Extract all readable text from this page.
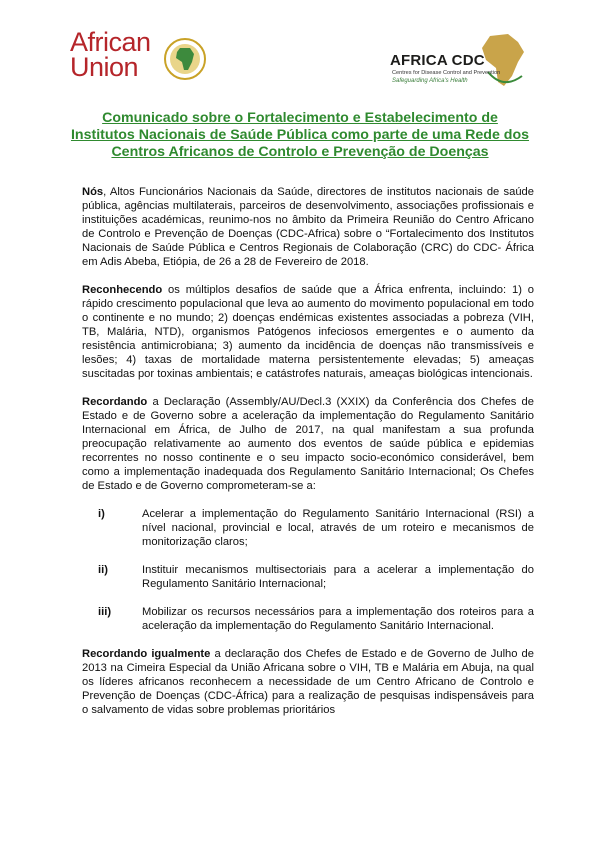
African
Union	AFRICA CDC
Centres for Disease Control and Prevention
Safeguarding Africa's Health
Comunicado sobre o Fortalecimento e Estabelecimento de Institutos Nacionais de Saúde Pública como parte de uma Rede dos Centros Africanos de Controlo e Prevenção de Doenças

Nós, Altos Funcionários Nacionais da Saúde, directores de institutos nacionais de saúde pública, agências multilaterais, parceiros de desenvolvimento, associações profissionais e instituições académicas, reunimo-nos no âmbito da Primeira Reunião do Centro Africano de Controlo e Prevenção de Doenças (CDC-Africa) sobre o “Fortalecimento dos Institutos Nacionais de Saúde Pública e Centros Regionais de Colaboração (CRC) do CDC- África em Adis Abeba, Etiópia, de 26 a 28 de Fevereiro de 2018.

Reconhecendo os múltiplos desafios de saúde que a África enfrenta, incluindo: 1) o rápido crescimento populacional que leva ao aumento do movimento populacional em todo o continente e no mundo; 2) doenças endémicas existentes associadas a pobreza (VIH, TB, Malária, NTD), organismos Patógenos infeciosos emergentes e o aumento da resistência antimicrobiana; 3) aumento da incidência de doenças não transmissíveis e lesões; 4) taxas de mortalidade materna persistentemente elevadas; 5) ameaças suscitadas por toxinas ambientais; e catástrofes naturais, ameaças biológicas intencionais.

Recordando a Declaração (Assembly/AU/Decl.3 (XXIX) da Conferência dos Chefes de Estado e de Governo sobre a aceleração da implementação do Regulamento Sanitário Internacional em África, de Julho de 2017, na qual manifestam a sua profunda preocupação relativamente ao aumento dos eventos de saúde pública e epidemias recorrentes no nosso continente e o seu impacto socio-económico considerável, bem como a implementação inadequada dos Regulamento Sanitário Internacional; Os Chefes de Estado e de Governo comprometeram-se a:

i)	Acelerar a implementação do Regulamento Sanitário Internacional (RSI) a nível nacional, provincial e local, através de um roteiro e mecanismos de monitorização claros;
ii)	Instituir mecanismos multisectoriais para a acelerar a implementação do Regulamento Sanitário Internacional;
iii)	Mobilizar os recursos necessários para a implementação dos roteiros para a aceleração da implementação do Regulamento Sanitário Internacional.

Recordando igualmente a declaração dos Chefes de Estado e de Governo de Julho de 2013 na Cimeira Especial da União Africana sobre o VIH, TB e Malária em Abuja, na qual os líderes africanos reconhecem a necessidade de um Centro Africano de Controlo e Prevenção de Doenças (CDC-África) para a realização de pesquisas indispensáveis para o salvamento de vidas sobre problemas prioritários
